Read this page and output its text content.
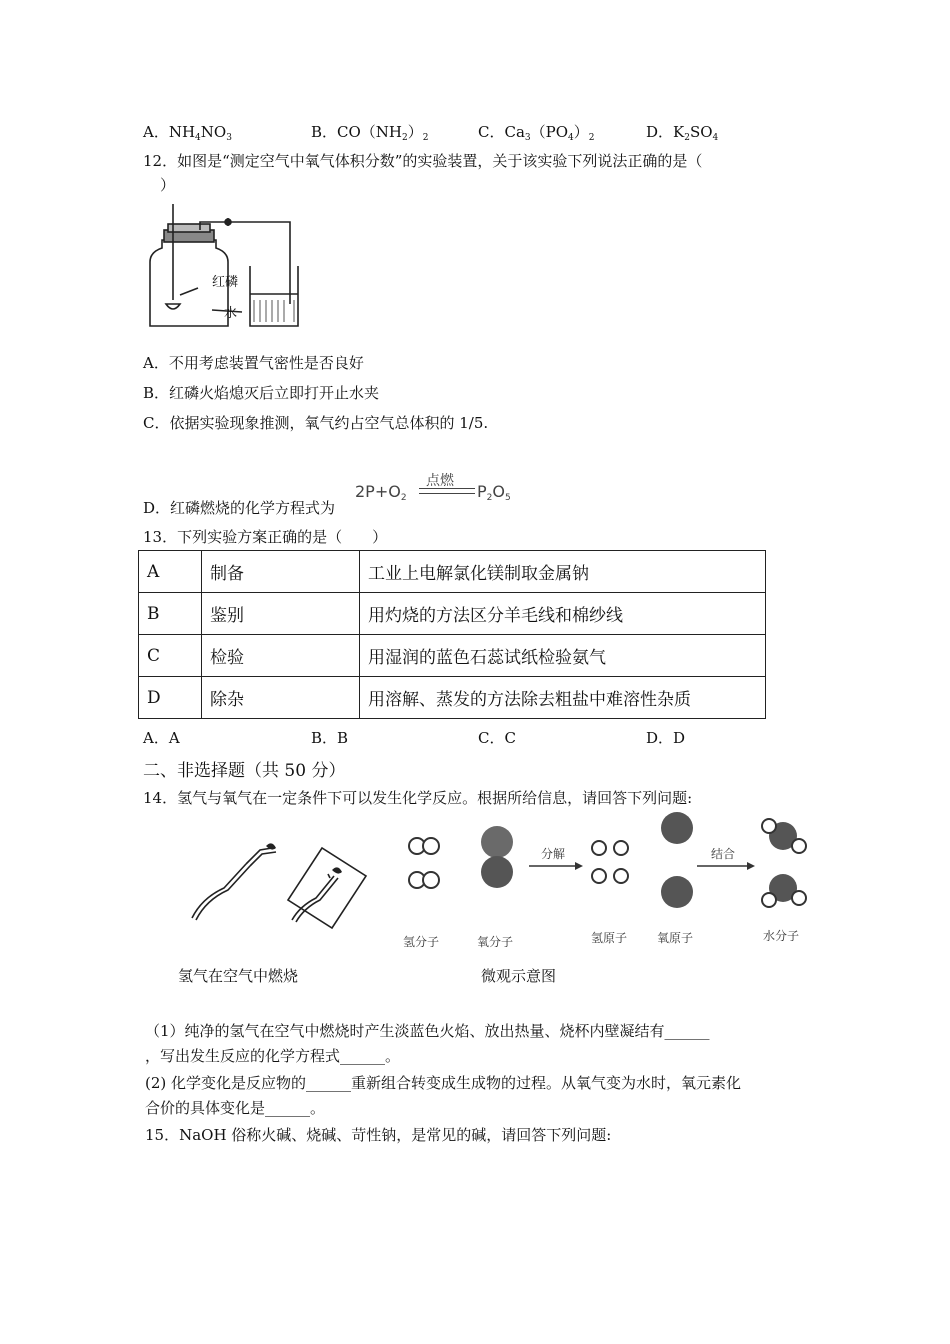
A．$NH_4NO_3$	B．$CO(NH_2)_2$	C．$Ca_3(PO_4)_2$	D．$K_2SO_4$
12．如图是“测定空气中氧气体积分数”的实验装置，关于该实验下列说法正确的是（
）
红磷
水
A．不用考虑装置气密性是否良好
B．红磷火焰熄灭后立即打开止水夹
C．依据实验现象推测，氧气约占空气总体积的 1/5.
D．红磷燃烧的化学方程式为
$2P+O_2$
点燃
$P_2O_5$
13．下列实验方案正确的是（　　）
A	制备	工业上电解氯化镁制取金属钠
B	鉴别	用灼烧的方法区分羊毛线和棉纱线
C	检验	用湿润的蓝色石蕊试纸检验氨气
D	除杂	用溶解、蒸发的方法除去粗盐中难溶性杂质
A．A	B．B	C．C	D．D
二、非选择题（共 50 分）
14．氢气与氧气在一定条件下可以发生化学反应。根据所给信息，请回答下列问题:
氢气在空气中燃烧
分解	结合
氢分子	氧分子	氢原子 氧原子	水分子
微观示意图
（1）纯净的氢气在空气中燃烧时产生淡蓝色火焰、放出热量、烧杯内壁凝结有______
，写出发生反应的化学方程式______。
(2) 化学变化是反应物的______重新组合转变成生成物的过程。从氧气变为水时，氧元素化
合价的具体变化是______。
15．NaOH 俗称火碱、烧碱、苛性钠，是常见的碱，请回答下列问题:
